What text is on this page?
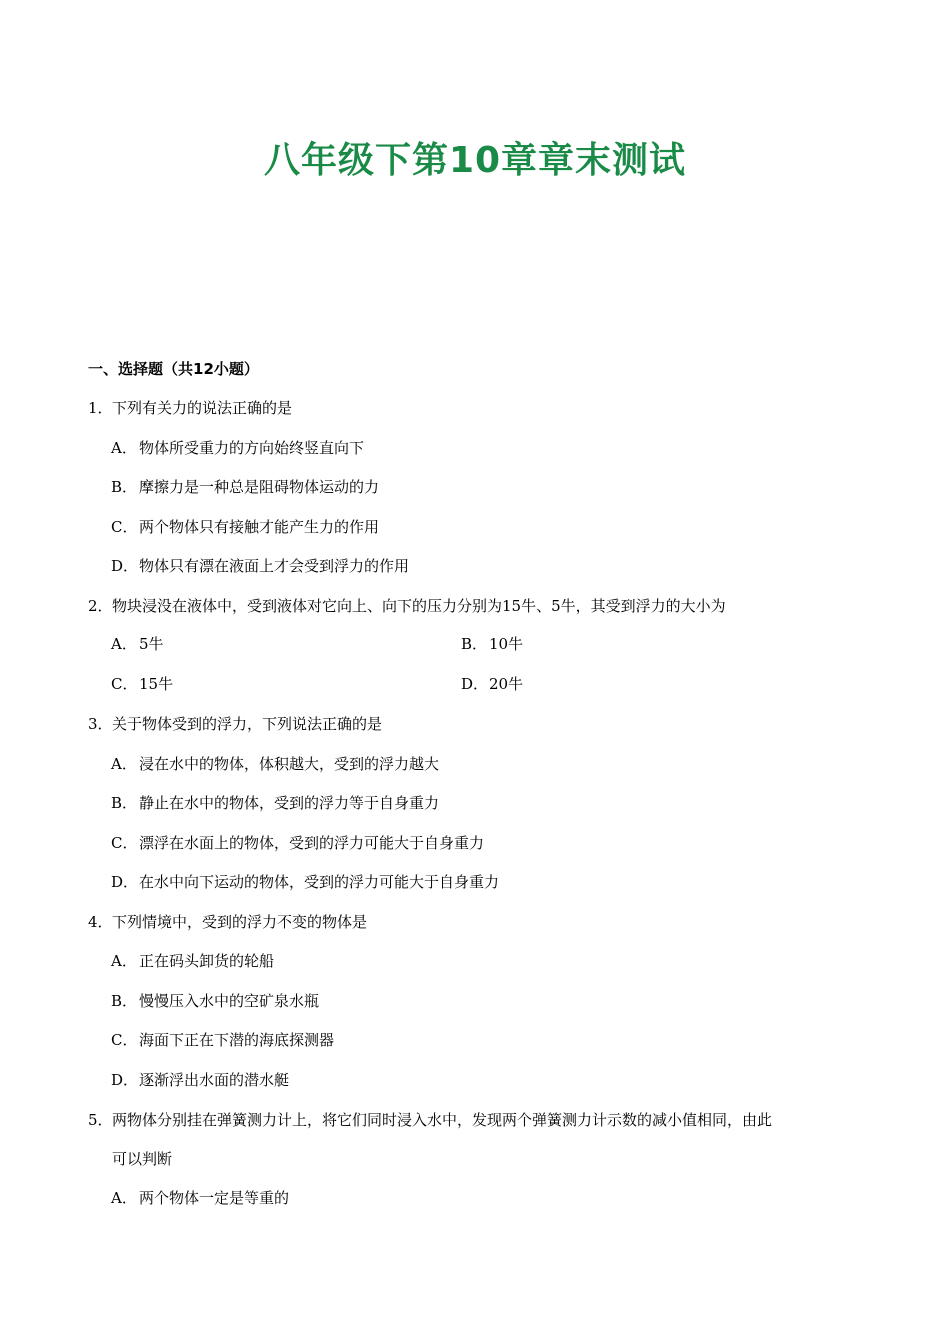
八年级下第10章章末测试
一、选择题（共12小题）
1．下列有关力的说法正确的是
A． 物体所受重力的方向始终竖直向下
B． 摩擦力是一种总是阻碍物体运动的力
C． 两个物体只有接触才能产生力的作用
D．物体只有漂在液面上才会受到浮力的作用
2．物块浸没在液体中，受到液体对它向上、向下的压力分别为15牛、5牛，其受到浮力的大小为
A． 5牛	B． 10牛
C． 15牛	D．20牛
3．关于物体受到的浮力，下列说法正确的是
A． 浸在水中的物体，体积越大，受到的浮力越大
B． 静止在水中的物体，受到的浮力等于自身重力
C． 漂浮在水面上的物体，受到的浮力可能大于自身重力
D．在水中向下运动的物体，受到的浮力可能大于自身重力
4．下列情境中，受到的浮力不变的物体是
A． 正在码头卸货的轮船
B． 慢慢压入水中的空矿泉水瓶
C． 海面下正在下潜的海底探测器
D．逐渐浮出水面的潜水艇
5．两物体分别挂在弹簧测力计上，将它们同时浸入水中，发现两个弹簧测力计示数的减小值相同，由此
可以判断
A． 两个物体一定是等重的
